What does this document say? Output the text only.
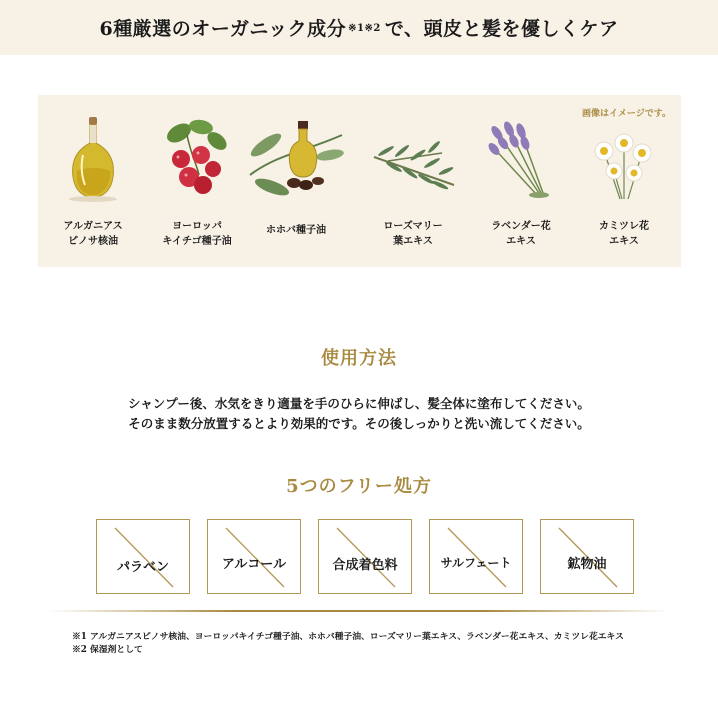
6種厳選のオーガニック成分 $^{※1※2}$ で、頭皮と髪を優しくケア
画像はイメージです。
アルガニアス
ピノサ核油
ヨーロッパ
キイチゴ種子油
ホホバ種子油	ローズマリー
葉エキス
ラベンダー花
エキス
カミツレ花
エキス
使用方法
シャンプー後、水気をきり適量を手のひらに伸ばし、髪全体に塗布してください。
そのまま数分放置するとより効果的です。その後しっかりと洗い流してください。
5つのフリー処方
パラベン	アルコール	合成着色料	サルフェート	鉱物油
※1 アルガニアスピノサ核油、ヨーロッパキイチゴ種子油、ホホバ種子油、ローズマリー葉エキス、ラベンダー花エキス、カミツレ花エキス
※2 保湿剤として
